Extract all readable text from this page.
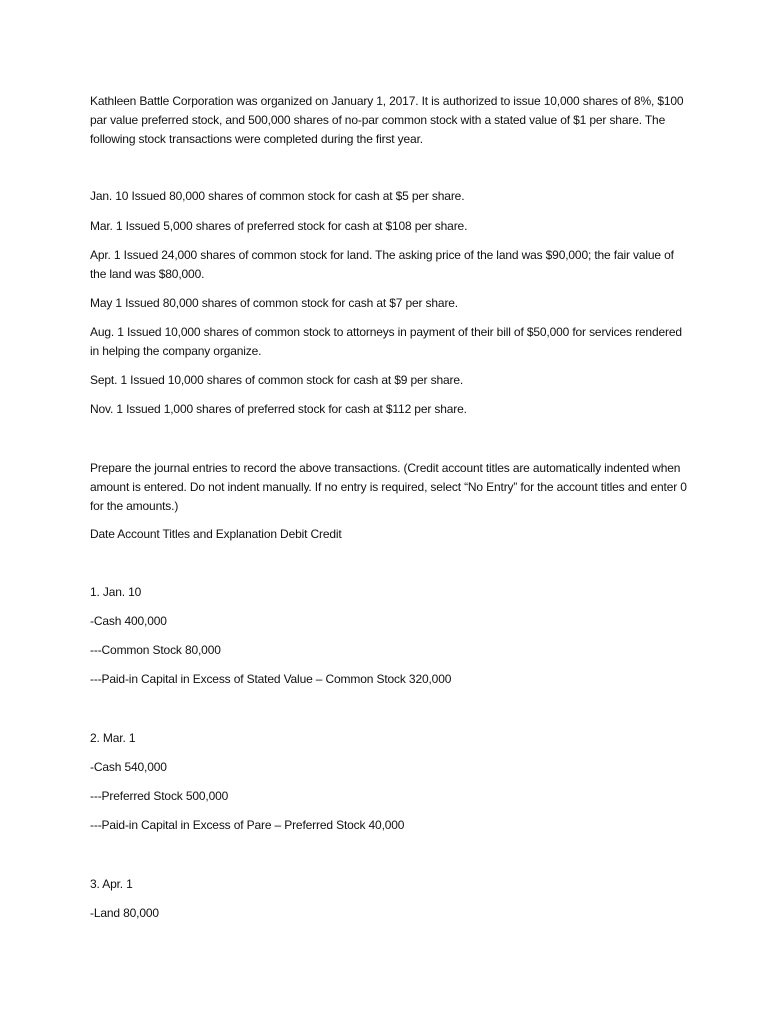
Kathleen Battle Corporation was organized on January 1, 2017. It is authorized to issue 10,000 shares of 8%, $100 par value preferred stock, and 500,000 shares of no-par common stock with a stated value of $1 per share. The following stock transactions were completed during the first year.

Jan. 10 Issued 80,000 shares of common stock for cash at $5 per share.

Mar. 1 Issued 5,000 shares of preferred stock for cash at $108 per share.

Apr. 1 Issued 24,000 shares of common stock for land. The asking price of the land was $90,000; the fair value of the land was $80,000.

May 1 Issued 80,000 shares of common stock for cash at $7 per share.

Aug. 1 Issued 10,000 shares of common stock to attorneys in payment of their bill of $50,000 for services rendered in helping the company organize.

Sept. 1 Issued 10,000 shares of common stock for cash at $9 per share.

Nov. 1 Issued 1,000 shares of preferred stock for cash at $112 per share.

Prepare the journal entries to record the above transactions. (Credit account titles are automatically indented when amount is entered. Do not indent manually. If no entry is required, select “No Entry” for the account titles and enter 0 for the amounts.)

Date Account Titles and Explanation Debit Credit

1. Jan. 10

-Cash 400,000

---Common Stock 80,000

---Paid-in Capital in Excess of Stated Value – Common Stock 320,000

2. Mar. 1

-Cash 540,000

---Preferred Stock 500,000

---Paid-in Capital in Excess of Pare – Preferred Stock 40,000

3. Apr. 1

-Land 80,000
